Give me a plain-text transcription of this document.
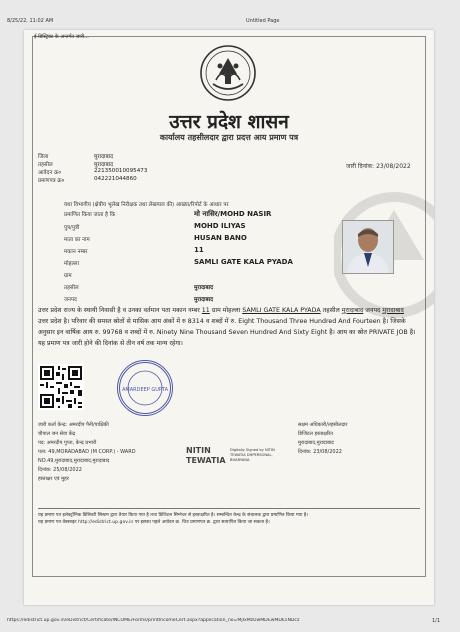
8/25/22, 11:02 AM	Untitled Page
ई-डिस्ट्रिक्ट के अन्तर्गत जारी...
उत्तर प्रदेश शासन
कार्यालय तहसीलदार द्वारा प्रदत्त आय प्रमाण पत्र
जिला	मुरादाबाद
तहसील	मुरादाबाद
आवेदन क्र०	221350010095473
प्रमाणपत्र क्र०	042221044860
जारी दिनांक: 23/08/2022
यथा विभागीय (क्षेत्रीय भूलेख निरीक्षक तथा लेखपाल की) आख्या/रिपोर्ट के आधार पर
प्रमाणित किया जाता है कि	मो नासिर/MOHD NASIR
पुत्र/पुत्री	MOHD ILIYAS
माता का नाम	HUSAN BANO
मकान नम्बर	11
मोहल्ला	SAMLI GATE KALA PYADA
ग्राम
तहसील	मुरादाबाद
जनपद	मुरादाबाद
उत्तर प्रदेश राज्य के स्थायी निवासी है व उनका वर्तमान पता मकान नम्बर 11 ग्राम मोहल्ला SAMLI GATE KALA PYADA तहसील मुरादाबाद जनपद मुरादाबाद उत्तर प्रदेश है। परिवार की समस्त स्रोतों से मासिक आय अंकों में रु 8314 व शब्दों में रु. Eight Thousand Three Hundred And Fourteen है। जिसके अनुसार इन वार्षिक आय रु. 99768 व शब्दों में रु. Ninety Nine Thousand Seven Hundred And Sixty Eight है। आय का स्रोत PRIVATE JOB है। यह प्रमाण पत्र जारी होने की दिनांक से तीन वर्ष तक मान्य रहेगा।
AMARDEEP GUPTA
जारी कर्ता केन्द्र: अमरदीप पैनी/पाक्षिकी
चौपाल जन सेवा केंद्र
पद: अमरदीप गुप्ता, केन्द्र प्रभारी
पता: 49,MORADABAD (M CORP.) - WARD
NO.49,मुरादाबाद,मुरादाबाद,मुरादाबाद
दिनांक: 25/08/2022
हस्ताक्षर एवं मुहर
NITIN TEWATIA
Digitally Signed by NITIN TEWATIA DHPERSONAL, BHARYANA
सक्षम अधिकारी/तहसीलदार
डिजिटल हस्ताक्षरित
मुरादाबाद,मुरादाबाद
दिनांक: 23/08/2022
यह प्रमाण पत्र इलेक्ट्रॉनिक डिलिवरी सिस्टम द्वारा तैयार किया गया है तथा डिजिटल सिग्नेचर से हस्ताक्षरित है। सम्बन्धित केन्द्र के संचालक द्वारा प्रमाणित किया गया है।
यह प्रमाण पत्र वेबसाइट http://edistrict.up.gov.in पर इसका पहले आवेदन क्र. चित्र प्रमाणपत्र क्र. द्वारा सत्यापित किया जा सकता है।
https://edistrict.up.gov.in/eDistrict/Certificate/INCOME/Forms/printIncomeCert.aspx?application_no=MjIxMzUwMDEwMDk1NDcz	1/1
